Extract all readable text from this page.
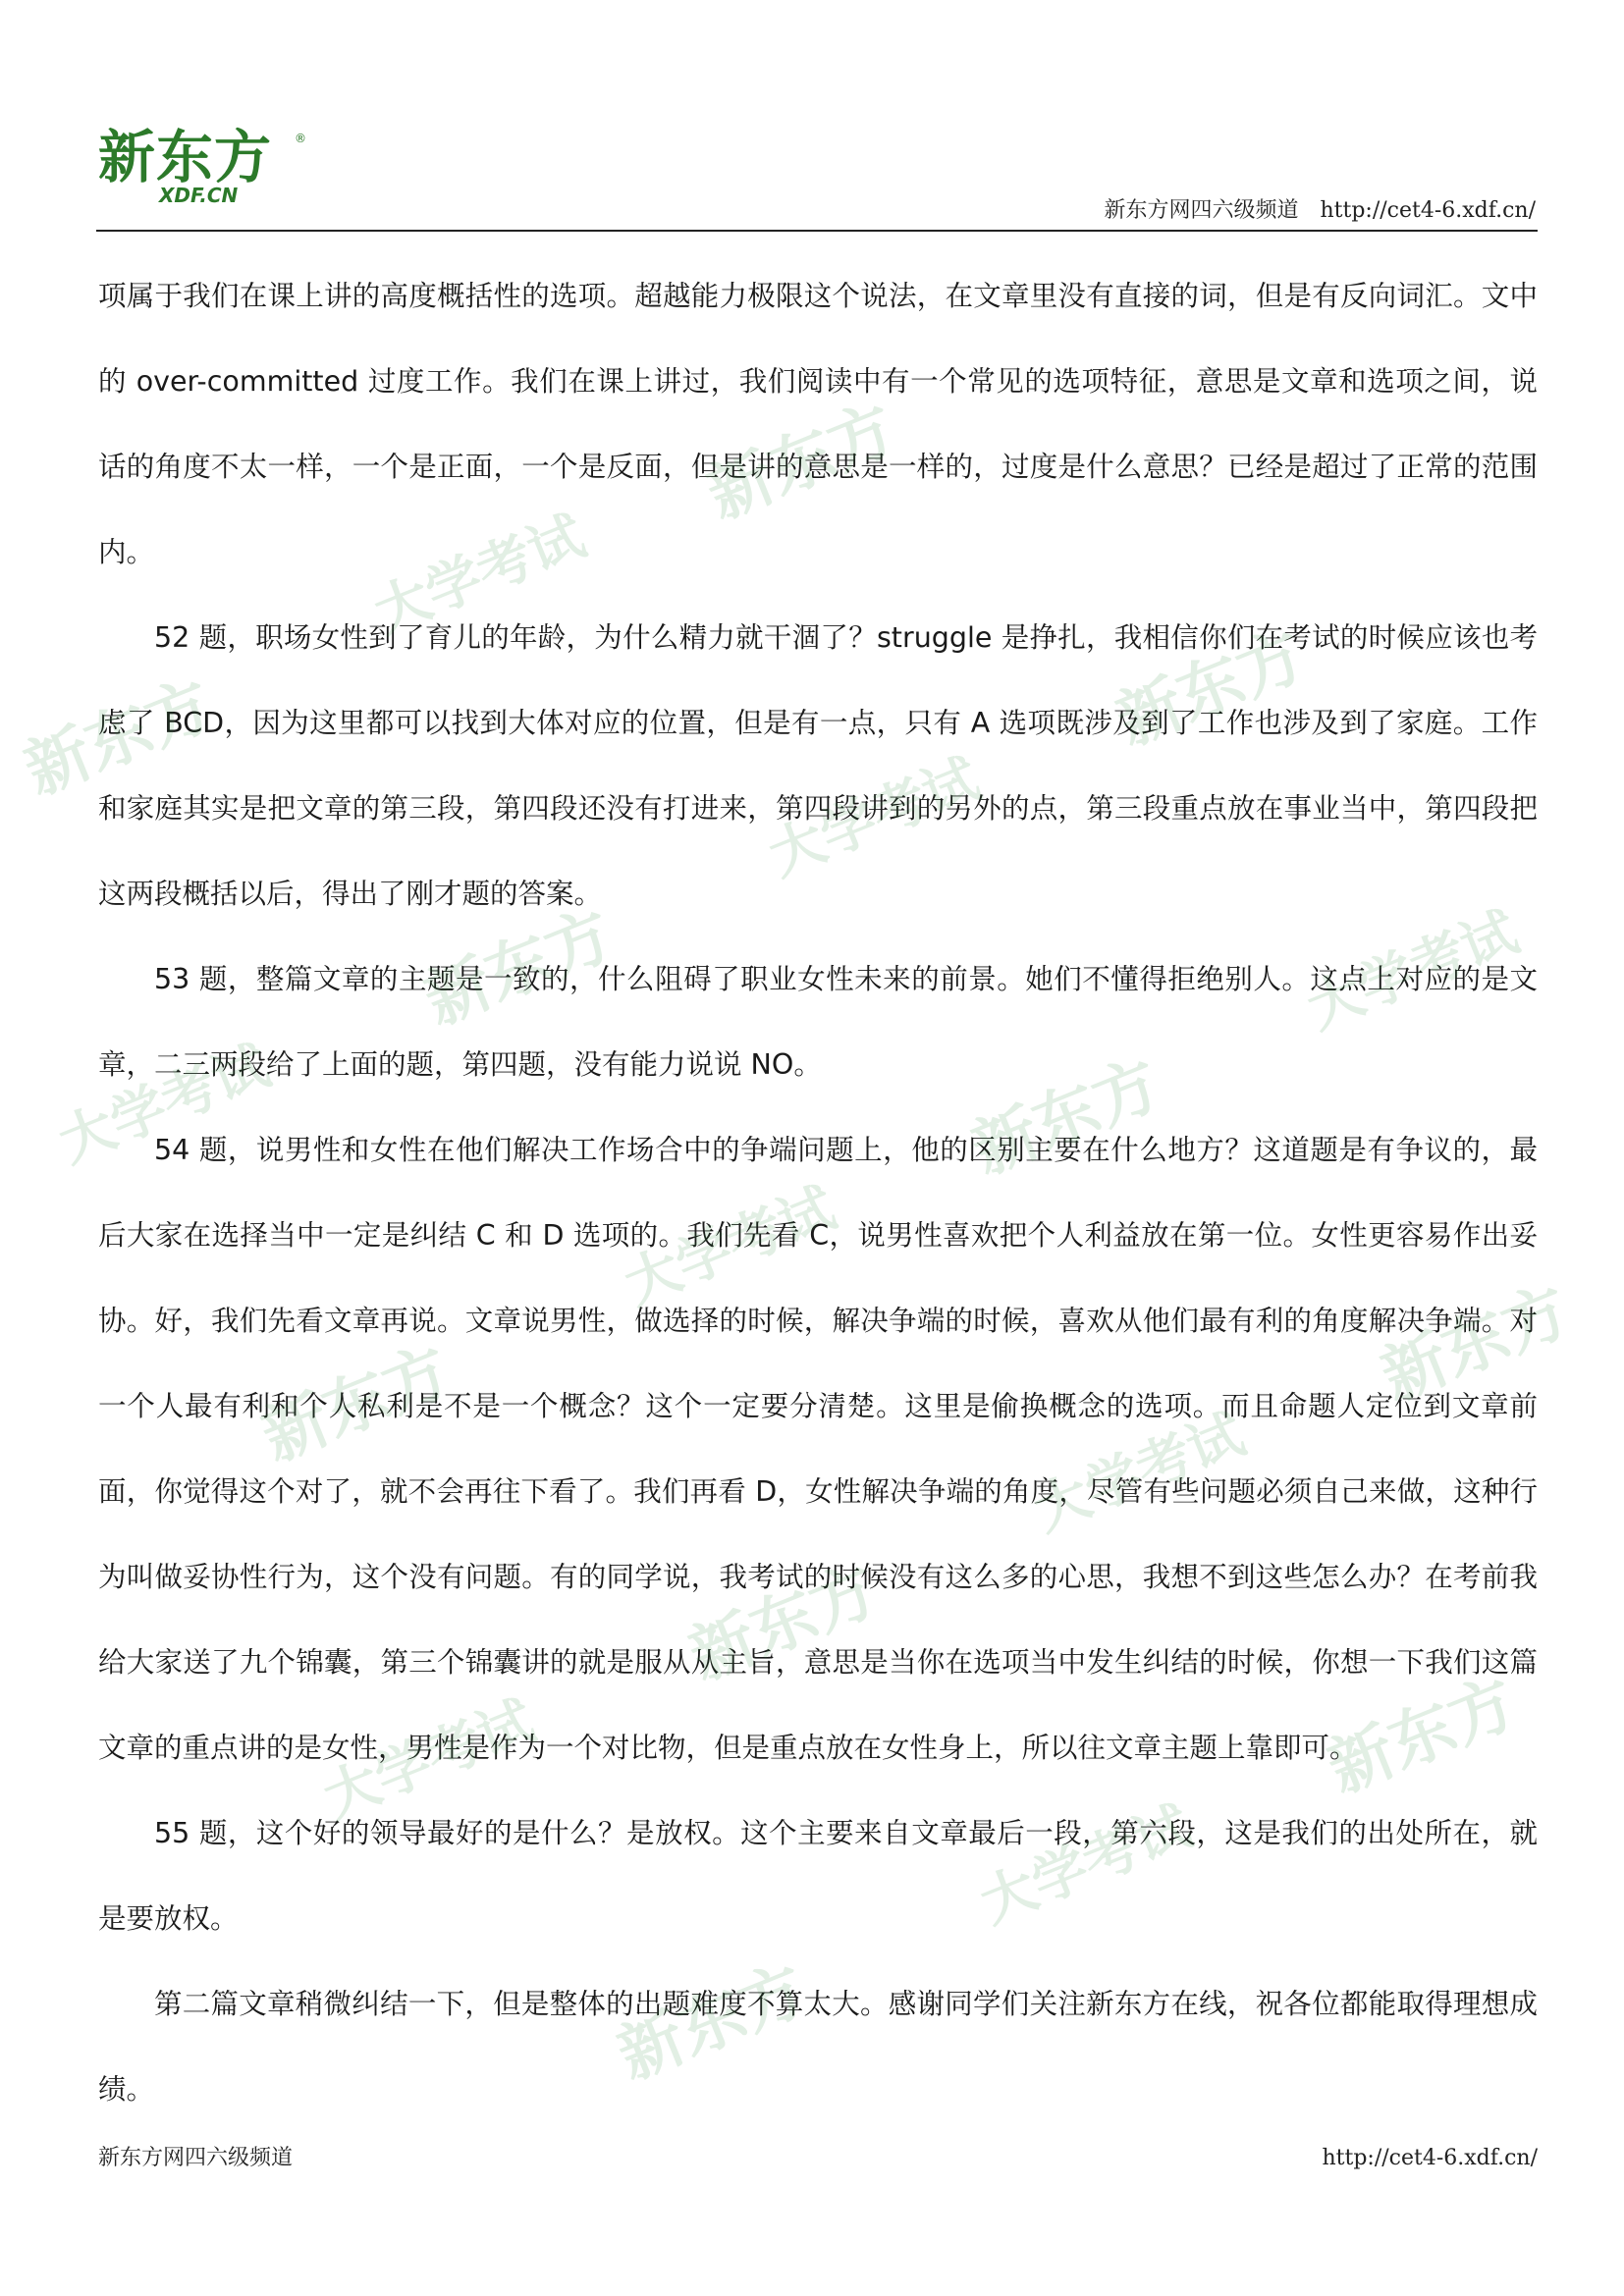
新东方
XDF.CN
®
新东方网四六级频道 http://cet4-6.xdf.cn/

项属于我们在课上讲的高度概括性的选项。超越能力极限这个说法，在文章里没有直接的词，但是有反向词汇。文中的 over-committed 过度工作。我们在课上讲过，我们阅读中有一个常见的选项特征，意思是文章和选项之间，说话的角度不太一样，一个是正面，一个是反面，但是讲的意思是一样的，过度是什么意思？已经是超过了正常的范围内。

52 题，职场女性到了育儿的年龄，为什么精力就干涸了？struggle 是挣扎，我相信你们在考试的时候应该也考虑了 BCD，因为这里都可以找到大体对应的位置，但是有一点，只有 A 选项既涉及到了工作也涉及到了家庭。工作和家庭其实是把文章的第三段，第四段还没有打进来，第四段讲到的另外的点，第三段重点放在事业当中，第四段把这两段概括以后，得出了刚才题的答案。

53 题，整篇文章的主题是一致的，什么阻碍了职业女性未来的前景。她们不懂得拒绝别人。这点上对应的是文章，二三两段给了上面的题，第四题，没有能力说说 NO。

54 题，说男性和女性在他们解决工作场合中的争端问题上，他的区别主要在什么地方？这道题是有争议的，最后大家在选择当中一定是纠结 C 和 D 选项的。我们先看 C，说男性喜欢把个人利益放在第一位。女性更容易作出妥协。好，我们先看文章再说。文章说男性，做选择的时候，解决争端的时候，喜欢从他们最有利的角度解决争端。对一个人最有利和个人私利是不是一个概念？这个一定要分清楚。这里是偷换概念的选项。而且命题人定位到文章前面，你觉得这个对了，就不会再往下看了。我们再看 D，女性解决争端的角度，尽管有些问题必须自己来做，这种行为叫做妥协性行为，这个没有问题。有的同学说，我考试的时候没有这么多的心思，我想不到这些怎么办？在考前我给大家送了九个锦囊，第三个锦囊讲的就是服从从主旨，意思是当你在选项当中发生纠结的时候，你想一下我们这篇文章的重点讲的是女性，男性是作为一个对比物，但是重点放在女性身上，所以往文章主题上靠即可。

55 题，这个好的领导最好的是什么？是放权。这个主要来自文章最后一段，第六段，这是我们的出处所在，就是要放权。

第二篇文章稍微纠结一下，但是整体的出题难度不算太大。感谢同学们关注新东方在线，祝各位都能取得理想成绩。

新东方网四六级频道	http://cet4-6.xdf.cn/
新东方
大学考试
新东方
大学考试
新东方
大学考试
新东方
新东方
大学考试
新东方
大学考试
大学考试
新东方
大学考试
新东方
新东方
大学考试
新东方
